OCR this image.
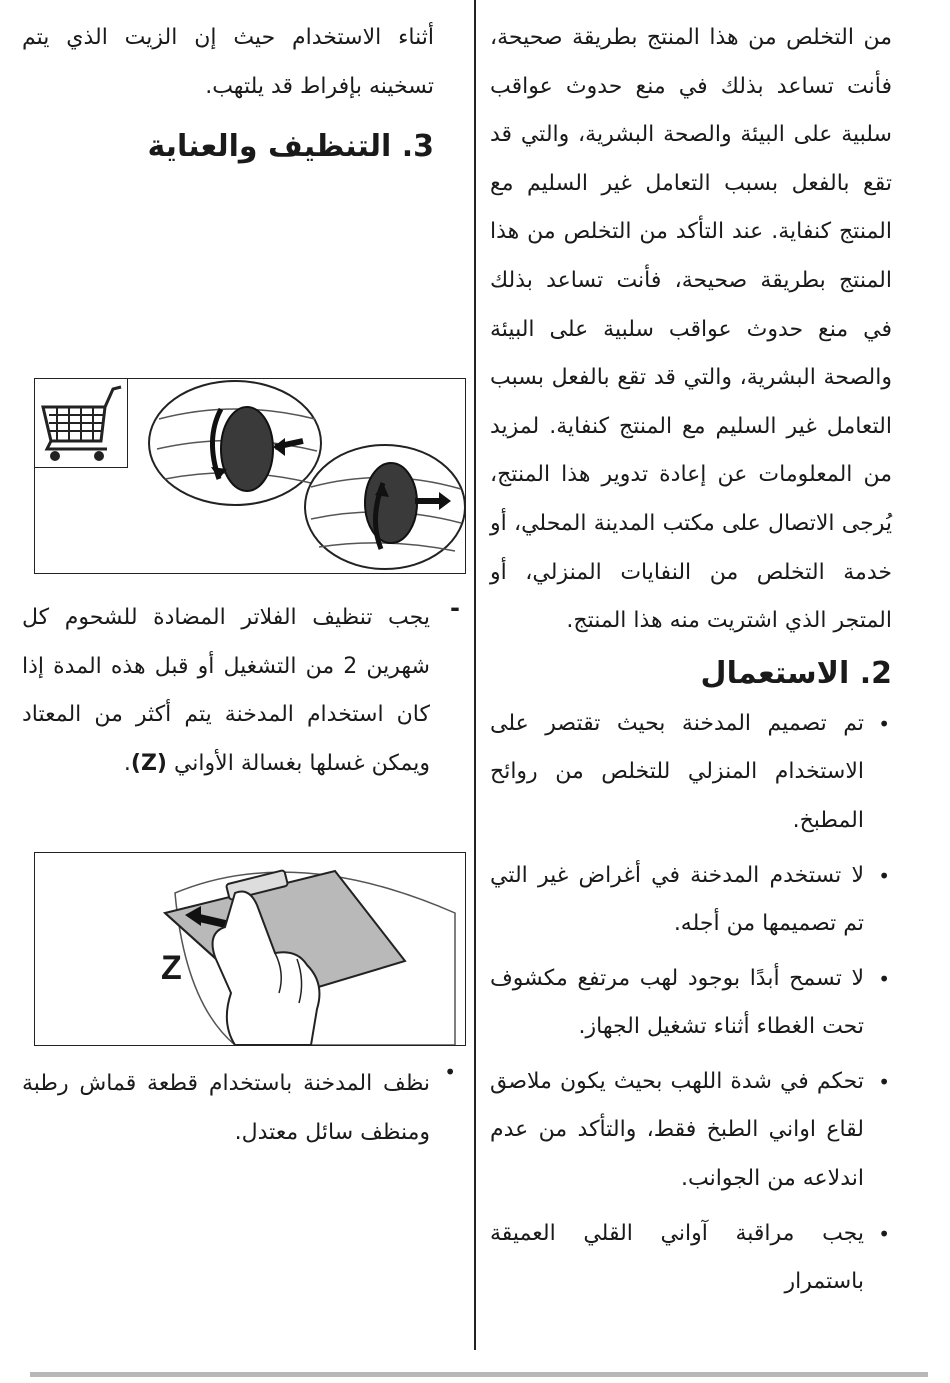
من التخلص من هذا المنتج بطريقة صحيحة، فأنت تساعد بذلك في منع حدوث عواقب سلبية على البيئة والصحة البشرية، والتي قد تقع بالفعل بسبب التعامل غير السليم مع المنتج كنفاية. عند التأكد من التخلص من هذا المنتج بطريقة صحيحة، فأنت تساعد بذلك في منع حدوث عواقب سلبية على البيئة والصحة البشرية، والتي قد تقع بالفعل بسبب التعامل غير السليم مع المنتج كنفاية. لمزيد من المعلومات عن إعادة تدوير هذا المنتج، يُرجى الاتصال على مكتب المدينة المحلي، أو خدمة التخلص من النفايات المنزلي، أو المتجر الذي اشتريت منه هذا المنتج.

2. الاستعمال
•
تم تصميم المدخنة بحيث تقتصر على الاستخدام المنزلي للتخلص من روائح المطبخ.
•
لا تستخدم المدخنة في أغراض غير التي تم تصميمها من أجله.
•
لا تسمح أبدًا بوجود لهب مرتفع مكشوف تحت الغطاء أثناء تشغيل الجهاز.
•
تحكم في شدة اللهب بحيث يكون ملاصق لقاع اواني الطبخ فقط، والتأكد من عدم اندلاعه من الجوانب.
•
يجب مراقبة آواني القلي العميقة باستمرار

أثناء الاستخدام حيث إن الزيت الذي يتم تسخينه بإفراط قد يلتهب.

3. التنظيف والعناية
-

يجب تنظيف الفلاتر المضادة للشحوم كل شهرين 2 من التشغيل أو قبل هذه المدة إذا كان استخدام المدخنة يتم أكثر من المعتاد ويمكن غسلها بغسالة الأواني (Z).

Z
•

نظف المدخنة باستخدام قطعة قماش رطبة ومنظف سائل معتدل.
